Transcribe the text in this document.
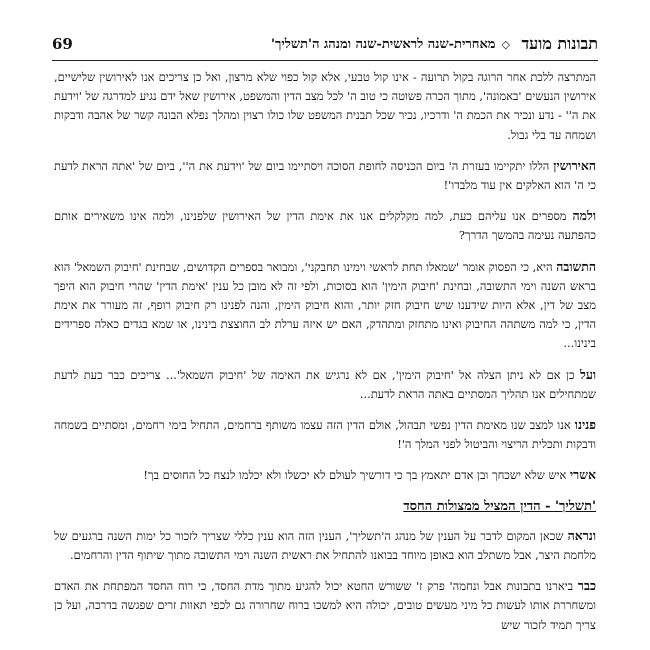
תבונות מועד
◇מאחרית-שנה לראשית-שנה ומנהג ה'תשליך'
69

המתרצה ללכת אחר הרוגה בקול תרועה - אינו קול טבעי, אלא קול כפוי שלא מרצון, ואל כן צריכים אנו לאירושין שלישיים, אירושין הנעשים 'באמונה', מתוך הכרה פשוטה כי טוב ה' לכל מצב הדין והמשפט, אירושין שאל ידם נגיע למדרגה של 'וידעת את ה'' - נדע ונכיר את הכמת ה' ודרכיו, נכיר שכל תבנית המשפט שלו כולו רצוין ומהלך נפלא הבונה קשר של אהבה ודבקות ושמחה עד בלי גבול.

האירושין הללו יתקיימו בעזרת ה' ביום הכניסה לחופת הסוכה ויסתיימו ביום של 'וידעת את ה'', ביום של 'אתה הראת לדעת כי ה' הוא האלקים אין עוד מלבדו'!

ולמה מספרים אנו עליהם כעת, למה מקלקלים אנו את אימת הדין של האירושין שלפנינו, ולמה אינו משאירים אותם כהפתעה נעימה בהמשך הדרך?

התשובה היא, כי הפסוק אומר 'שמאלו תחת לראשי וימינו תחבקני', ומבואר בספרים הקדושים, שבחינת 'חיבוק השמאל' הוא בראש השנה וימי התשובה, ובחינת 'חיבוק הימין' הוא בסוכות, ולפי זה לא מובן כל ענין 'אימת הדין' שהרי חיבוק הוא היפך מצב של דין, אלא היות שידענו שיש חיבוק חזק יותר, והוא חיבוק הימין, והנה לפנינו רק חיבוק רופף, זה מעורר את אימת הדין, כי למה משתהה החיבוק ואינו מתחזק ומתהדק, האם יש איזה ערלת לב החוצצת בינינו, או שמא בגדים כאלה ספרידים בינינו...

ועל כן אם לא ניתן הצלה אל 'חיבוק הימין', אם לא נרגיש את האימה של 'חיבוק השמאל'... צריכים כבר כעת לדעת שמתחילים אנו תהליך המסתיים באתה הראת לדעת...

פנינו אנו למצב שנו מאימת הדין נפשי תבהול, אולם הדין הזה עצמו משותף ברחמים, התחיל בימי רחמים, ומסתיים בשמחה ודבקות ותכלית הריצוי והביטול לפני המלך ה'!

אשרי איש שלא ישכחך ובן אדם יתאמץ בך כי דורשיך לעולם לא יכשלו ולא יכלמו לנצח כל החוסים בך!

'תשליך' - הדין המציל ממצולות החסד

ונראה שכאן המקום לדבר על הענין של מנהג ה'תשליך', הענין הזה הוא ענין כללי שצריך לזכור כל ימות השנה ברגעים של מלחמת היצר, אבל משתלב הוא באופן מיוחד בבואנו להתחיל את ראשית השנה וימי התשובה מתוך שיתוף הדין והרחמים.

כבר ביארנו בתבונות אבל ונחמה' פרק ז' ששורש החטא יכול להגיע מתוך מדת החסד, כי רוח החסד המפתחת את האדם ומשחררת אותו לעשות כל מיני מעשים טובים, יכולה היא למשכו ברוח שחרורה גם לכפי תאוות זרים שפגשה בדרכה, ועל כן צריך תמיד לזכור שיש
